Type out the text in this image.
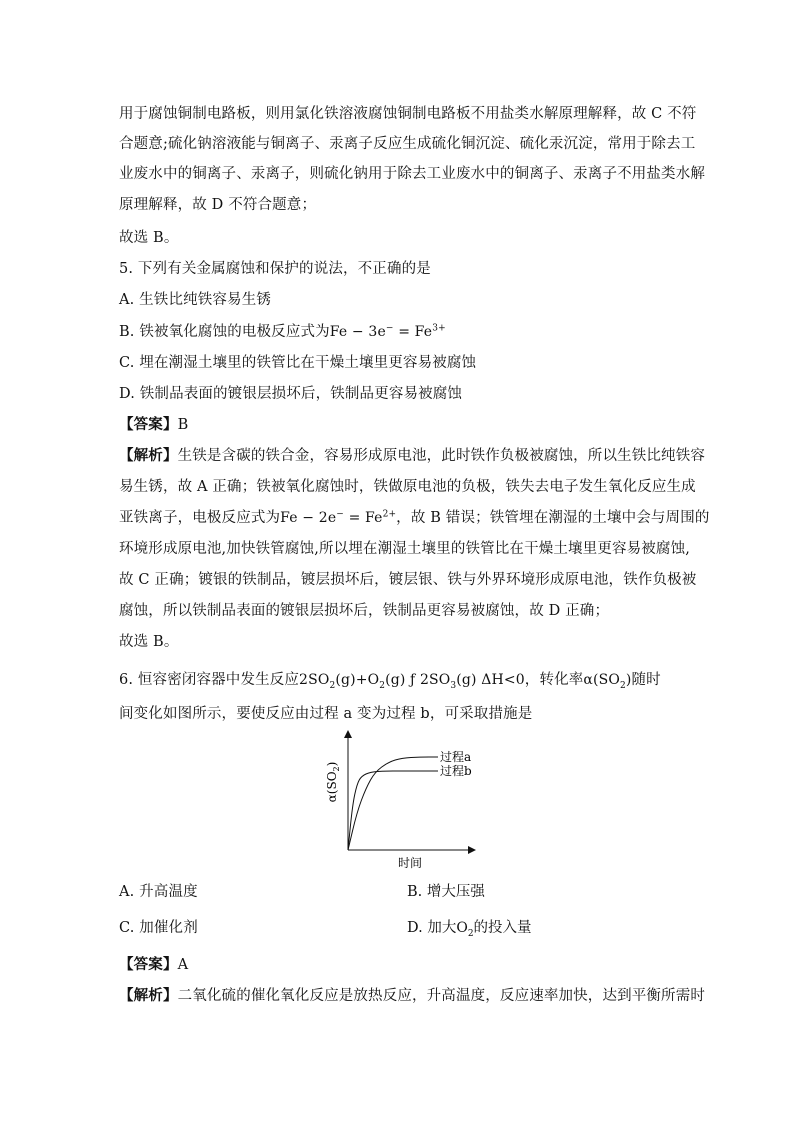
用于腐蚀铜制电路板，则用氯化铁溶液腐蚀铜制电路板不用盐类水解原理解释，故 C 不符
合题意;硫化钠溶液能与铜离子、汞离子反应生成硫化铜沉淀、硫化汞沉淀，常用于除去工
业废水中的铜离子、汞离子，则硫化钠用于除去工业废水中的铜离子、汞离子不用盐类水解
原理解释，故 D 不符合题意；
故选 B。
5. 下列有关金属腐蚀和保护的说法，不正确的是
A. 生铁比纯铁容易生锈
B. 铁被氧化腐蚀的电极反应式为$Fe - 3e^- = Fe^{3+}$
C. 埋在潮湿土壤里的铁管比在干燥土壤里更容易被腐蚀
D. 铁制品表面的镀银层损坏后，铁制品更容易被腐蚀
【答案】B
【解析】生铁是含碳的铁合金，容易形成原电池，此时铁作负极被腐蚀，所以生铁比纯铁容
易生锈，故 A 正确；铁被氧化腐蚀时，铁做原电池的负极，铁失去电子发生氧化反应生成
亚铁离子，电极反应式为$Fe - 2e^- = Fe^{2+}$，故 B 错误；铁管埋在潮湿的土壤中会与周围的
环境形成原电池,加快铁管腐蚀,所以埋在潮湿土壤里的铁管比在干燥土壤里更容易被腐蚀,
故 C 正确；镀银的铁制品，镀层损坏后，镀层银、铁与外界环境形成原电池，铁作负极被
腐蚀，所以铁制品表面的镀银层损坏后，铁制品更容易被腐蚀，故 D 正确；
故选 B。
6. 恒容密闭容器中发生反应$2SO_2(g)+O_2(g)$ ƒ $2SO_3(g)$ ΔH<0，转化率$\alpha(SO_2)$随时
间变化如图所示，要使反应由过程 a 变为过程 b，可采取措施是
过程a
过程b
$\alpha(SO_2)$
时间
A. 升高温度	B. 增大压强
C. 加催化剂	D. 加大$O_2$的投入量
【答案】A
【解析】二氧化硫的催化氧化反应是放热反应，升高温度，反应速率加快，达到平衡所需时
